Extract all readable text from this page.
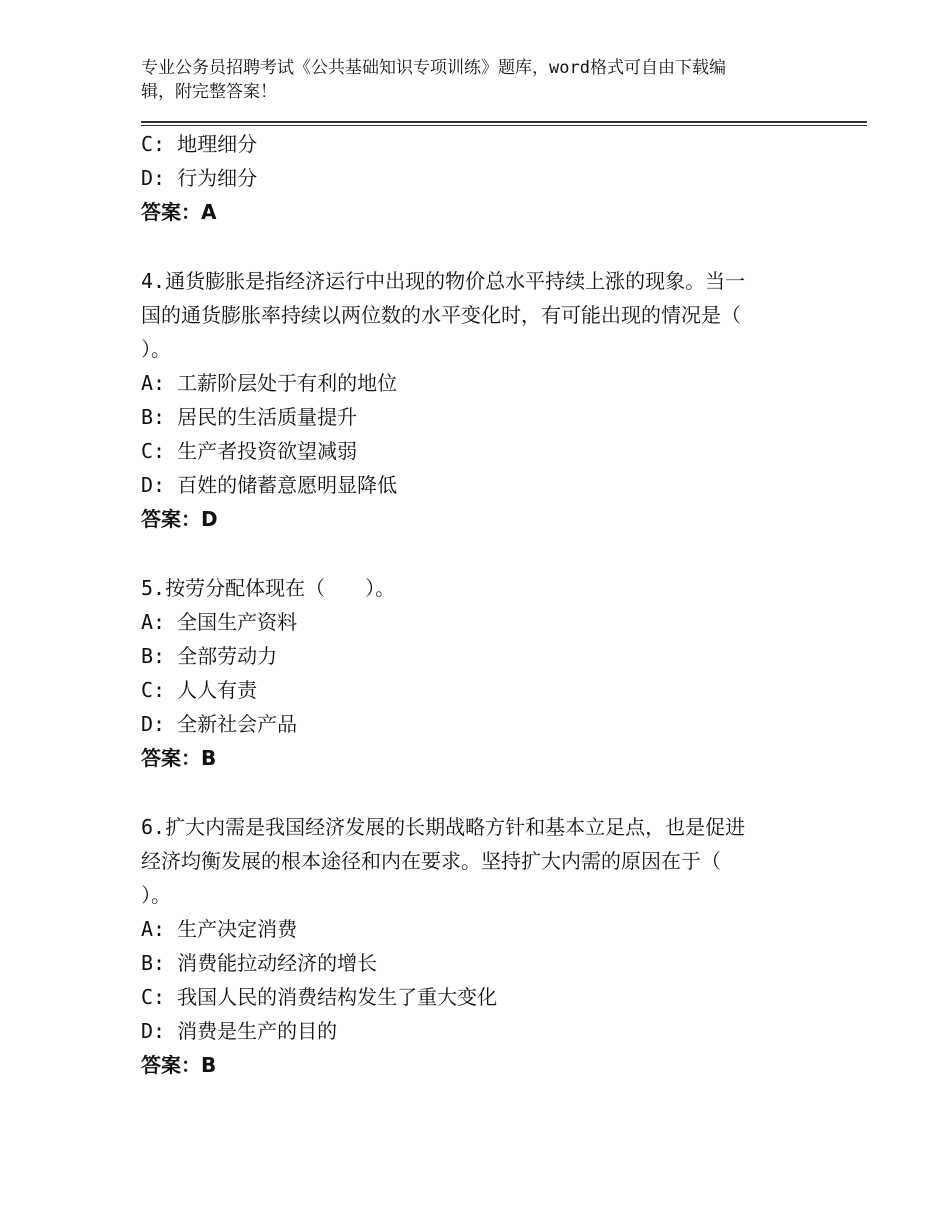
专业公务员招聘考试《公共基础知识专项训练》题库，word格式可自由下载编
辑，附完整答案！
C: 地理细分
D: 行为细分
答案：A
4.通货膨胀是指经济运行中出现的物价总水平持续上涨的现象。当一
国的通货膨胀率持续以两位数的水平变化时，有可能出现的情况是（
）。
A: 工薪阶层处于有利的地位
B: 居民的生活质量提升
C: 生产者投资欲望减弱
D: 百姓的储蓄意愿明显降低
答案：D
5.按劳分配体现在（　　）。
A: 全国生产资料
B: 全部劳动力
C: 人人有责
D: 全新社会产品
答案：B
6.扩大内需是我国经济发展的长期战略方针和基本立足点，也是促进
经济均衡发展的根本途径和内在要求。坚持扩大内需的原因在于（
）。
A: 生产决定消费
B: 消费能拉动经济的增长
C: 我国人民的消费结构发生了重大变化
D: 消费是生产的目的
答案：B
